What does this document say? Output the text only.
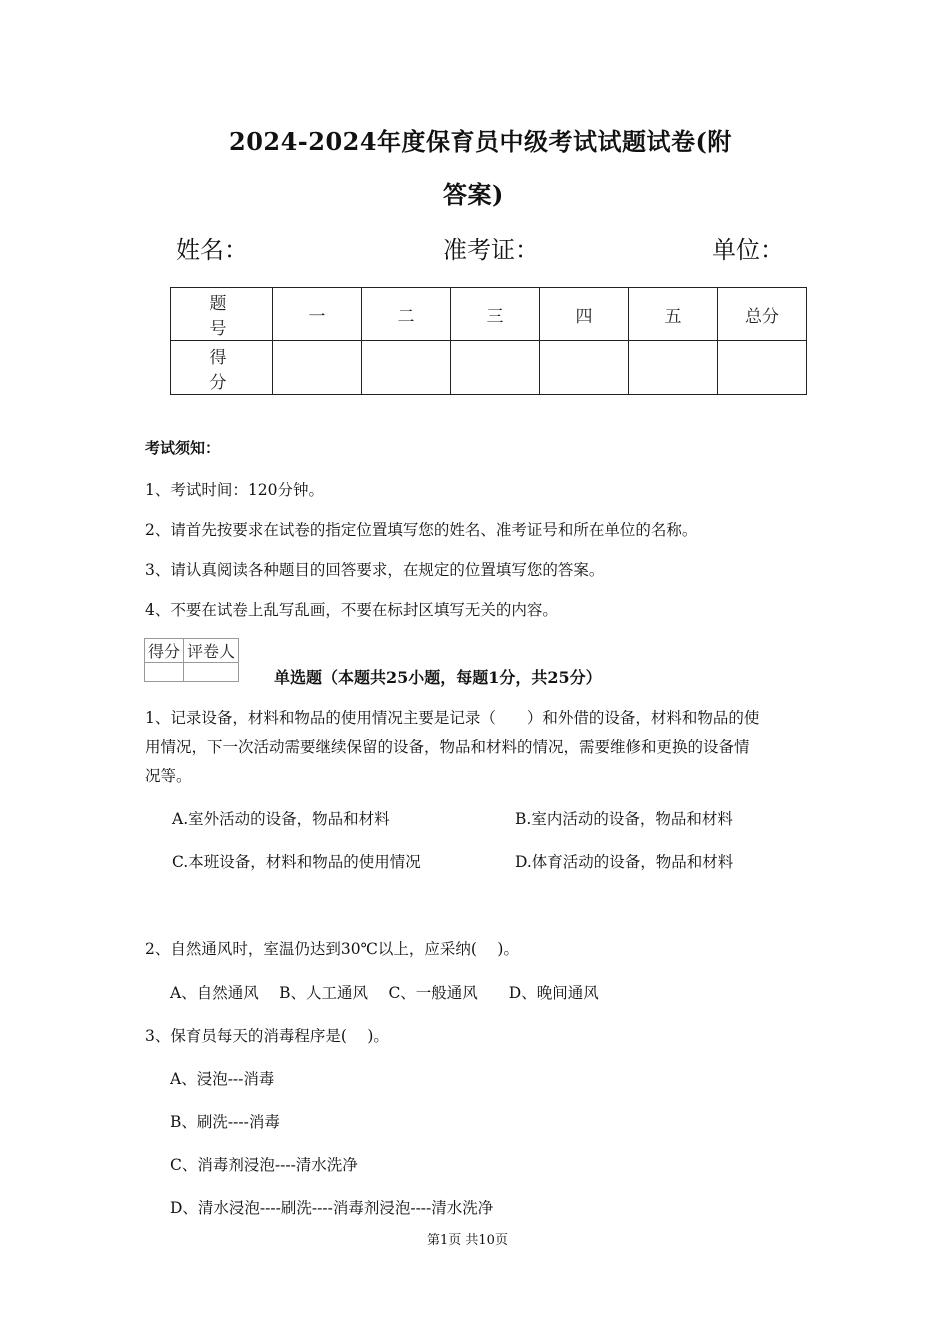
2024-2024年度保育员中级考试试题试卷(附
答案)
姓名：	准考证：	单位：
题 号	一	二	三	四	五	总分
得 分						
考试须知：
1、考试时间：120分钟。
2、请首先按要求在试卷的指定位置填写您的姓名、准考证号和所在单位的名称。
3、请认真阅读各种题目的回答要求，在规定的位置填写您的答案。
4、不要在试卷上乱写乱画，不要在标封区填写无关的内容。
得分	评卷人

单选题（本题共25小题，每题1分，共25分）
1、记录设备，材料和物品的使用情况主要是记录（　　）和外借的设备，材料和物品的使
用情况，下一次活动需要继续保留的设备，物品和材料的情况，需要维修和更换的设备情
况等。
A.室外活动的设备，物品和材料	B.室内活动的设备，物品和材料
C.本班设备，材料和物品的使用情况	D.体育活动的设备，物品和材料
2、自然通风时，室温仍达到30℃以上，应采纳(　 )。
A、自然通风　 B、人工通风　 C、一般通风　　D、晚间通风
3、保育员每天的消毒程序是(　 )。
A、浸泡---消毒
B、刷洗----消毒
C、消毒剂浸泡----清水洗净
D、清水浸泡----刷洗----消毒剂浸泡----清水洗净
第1页 共10页
